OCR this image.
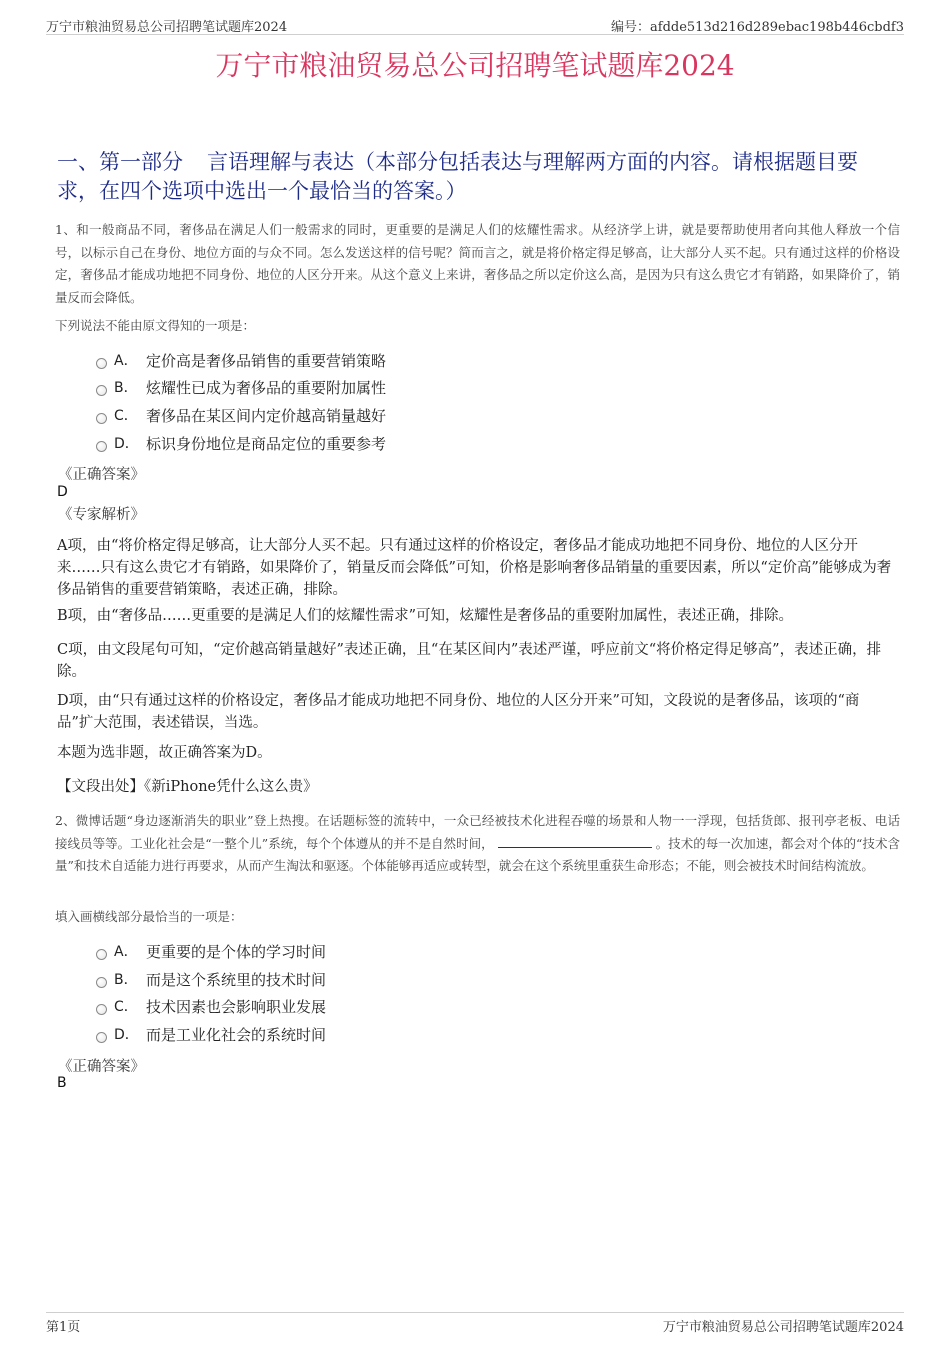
万宁市粮油贸易总公司招聘笔试题库2024	编号：afdde513d216d289ebac198b446cbdf3
万宁市粮油贸易总公司招聘笔试题库2024
一、第一部分 言语理解与表达（本部分包括表达与理解两方面的内容。请根据题目要求，在四个选项中选出一个最恰当的答案。）
1、和一般商品不同，奢侈品在满足人们一般需求的同时，更重要的是满足人们的炫耀性需求。从经济学上讲，就是要帮助使用者向其他人释放一个信号，以标示自己在身份、地位方面的与众不同。怎么发送这样的信号呢？简而言之，就是将价格定得足够高，让大部分人买不起。只有通过这样的价格设定，奢侈品才能成功地把不同身份、地位的人区分开来。从这个意义上来讲，奢侈品之所以定价这么高，是因为只有这么贵它才有销路，如果降价了，销量反而会降低。
下列说法不能由原文得知的一项是：
A． 定价高是奢侈品销售的重要营销策略
B． 炫耀性已成为奢侈品的重要附加属性
C． 奢侈品在某区间内定价越高销量越好
D． 标识身份地位是商品定位的重要参考
《正确答案》
D
《专家解析》
A项，由“将价格定得足够高，让大部分人买不起。只有通过这样的价格设定，奢侈品才能成功地把不同身份、地位的人区分开来……只有这么贵它才有销路，如果降价了，销量反而会降低”可知，价格是影响奢侈品销量的重要因素，所以“定价高”能够成为奢侈品销售的重要营销策略，表述正确，排除。
B项，由“奢侈品……更重要的是满足人们的炫耀性需求”可知，炫耀性是奢侈品的重要附加属性，表述正确，排除。
C项，由文段尾句可知，“定价越高销量越好”表述正确，且“在某区间内”表述严谨，呼应前文“将价格定得足够高”，表述正确，排除。
D项，由“只有通过这样的价格设定，奢侈品才能成功地把不同身份、地位的人区分开来”可知，文段说的是奢侈品，该项的“商品”扩大范围，表述错误，当选。
本题为选非题，故正确答案为D。
【文段出处】《新iPhone凭什么这么贵》
2、微博话题“身边逐渐消失的职业”登上热搜。在话题标签的流转中，一众已经被技术化进程吞噬的场景和人物一一浮现，包括货郎、报刊亭老板、电话接线员等等。工业化社会是“一整个儿”系统，每个个体遵从的并不是自然时间，	。技术的每一次加速，都会对个体的“技术含量”和技术自适能力进行再要求，从而产生淘汰和驱逐。个体能够再适应或转型，就会在这个系统里重获生命形态；不能，则会被技术时间结构流放。
填入画横线部分最恰当的一项是：
A． 更重要的是个体的学习时间
B． 而是这个系统里的技术时间
C． 技术因素也会影响职业发展
D． 而是工业化社会的系统时间
《正确答案》
B
第1页	万宁市粮油贸易总公司招聘笔试题库2024
